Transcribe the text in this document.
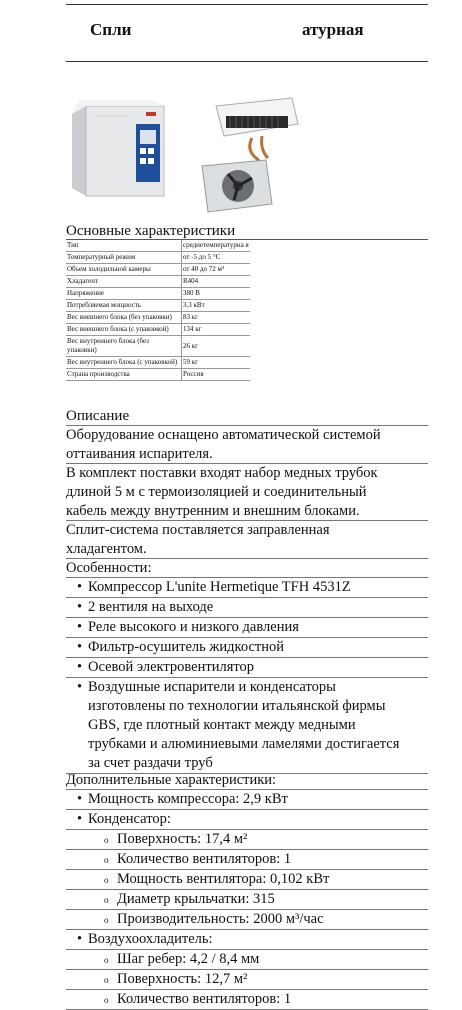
Спли	атурная
Основные характеристики
Тип	среднетемпературна я
Температурный режим	от -5 до 5 °С
Объем холодильной камеры	от 40 до 72 м³
Хладагент	R404
Напряжение	380 В
Потребляемая мощность	3.3 кВт
Вес внешнего блока (без упаковки)	83 кг
Вес внешнего блока (с упаковкой)	134 кг
Вес внутреннего блока (без упаковки)	26 кг
Вес внутреннего блока (с упаковкой)	59 кг
Страна производства	Россия
Описание
Оборудование оснащено автоматической системой
оттаивания испарителя.
В комплект поставки входят набор медных трубок
длиной 5 м с термоизоляцией и соединительный
кабель между внутренним и внешним блоками.
Сплит-система поставляется заправленная
хладагентом.
Особенности:
• Компрессор L'unite Hermetique TFH 4531Z
• 2 вентиля на выходе
• Реле высокого и низкого давления
• Фильтр-осушитель жидкостной
• Осевой электровентилятор
• Воздушные испарители и конденсаторы
изготовлены по технологии итальянской фирмы
GBS, где плотный контакт между медными
трубками и алюминиевыми ламелями достигается
за счет раздачи труб
Дополнительные характеристики:
• Мощность компрессора: 2,9 кВт
• Конденсатор:
o Поверхность: 17,4 м²
o Количество вентиляторов: 1
o Мощность вентилятора: 0,102 кВт
o Диаметр крыльчатки: 315
o Производительность: 2000 м³/час
• Воздухоохладитель:
o Шаг ребер: 4,2 / 8,4 мм
o Поверхность: 12,7 м²
o Количество вентиляторов: 1
